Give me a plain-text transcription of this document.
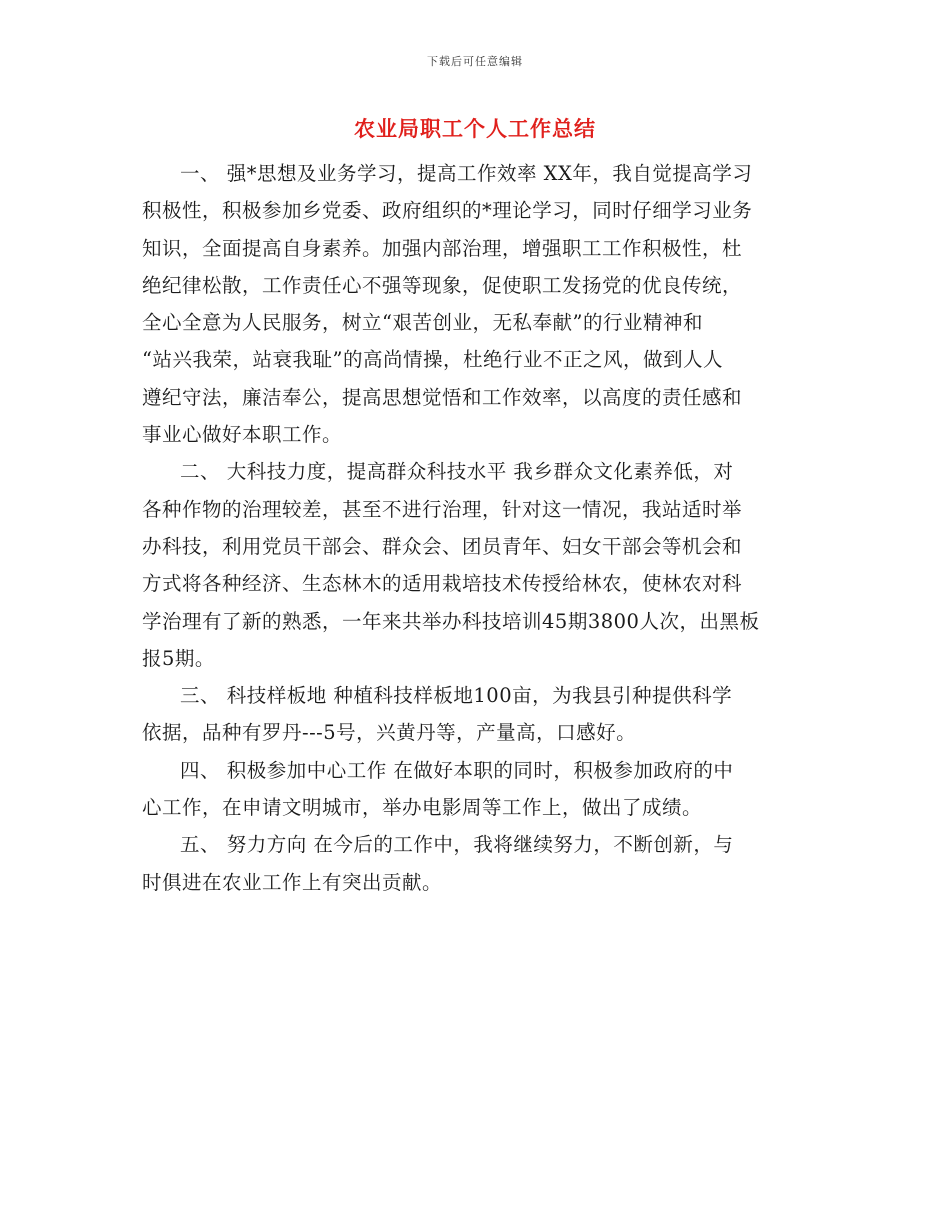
下载后可任意编辑
农业局职工个人工作总结
一、 强*思想及业务学习，提高工作效率 XX年，我自觉提高学习
积极性，积极参加乡党委、政府组织的*理论学习，同时仔细学习业务
知识，全面提高自身素养。加强内部治理，增强职工工作积极性，杜
绝纪律松散，工作责任心不强等现象，促使职工发扬党的优良传统，
全心全意为人民服务，树立“艰苦创业，无私奉献”的行业精神和
“站兴我荣，站衰我耻”的高尚情操，杜绝行业不正之风，做到人人
遵纪守法，廉洁奉公，提高思想觉悟和工作效率，以高度的责任感和
事业心做好本职工作。
二、 大科技力度，提高群众科技水平 我乡群众文化素养低，对
各种作物的治理较差，甚至不进行治理，针对这一情况，我站适时举
办科技，利用党员干部会、群众会、团员青年、妇女干部会等机会和
方式将各种经济、生态林木的适用栽培技术传授给林农，使林农对科
学治理有了新的熟悉，一年来共举办科技培训45期3800人次，出黑板
报5期。
三、 科技样板地 种植科技样板地100亩，为我县引种提供科学
依据，品种有罗丹---5号，兴黄丹等，产量高，口感好。
四、 积极参加中心工作 在做好本职的同时，积极参加政府的中
心工作，在申请文明城市，举办电影周等工作上，做出了成绩。
五、 努力方向 在今后的工作中，我将继续努力，不断创新，与
时俱进在农业工作上有突出贡献。
